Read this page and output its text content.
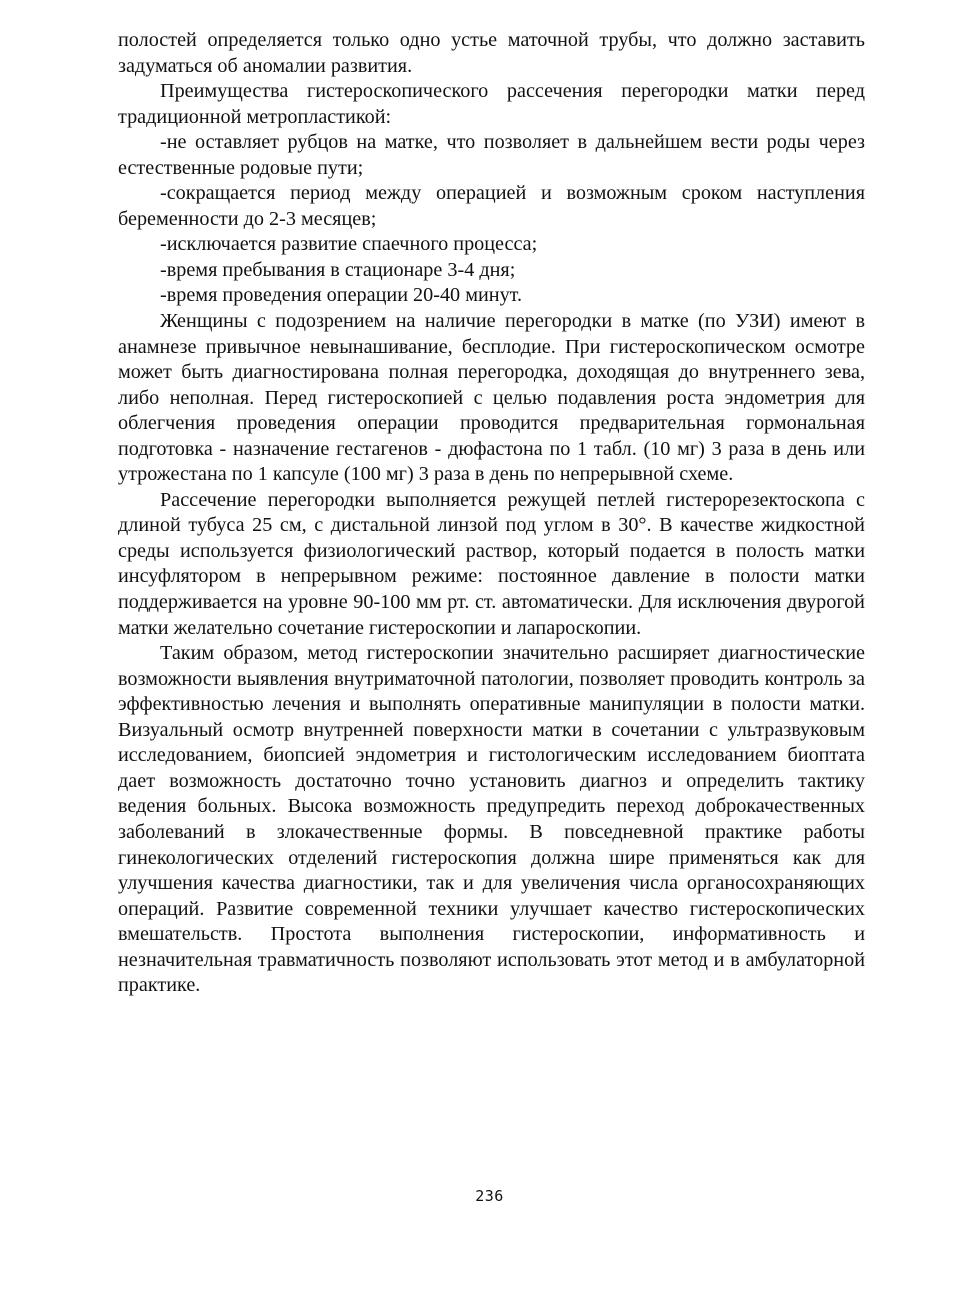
полостей определяется только одно устье маточной трубы, что должно заставить задуматься об аномалии развития.

Преимущества гистероскопического рассечения перегородки матки перед традиционной метропластикой:

-не оставляет рубцов на матке, что позволяет в дальнейшем вести роды через естественные родовые пути;

-сокращается период между операцией и возможным сроком наступления беременности до 2-3 месяцев;

-исключается развитие спаечного процесса;

-время пребывания в стационаре 3-4 дня;

-время проведения операции 20-40 минут.

Женщины с подозрением на наличие перегородки в матке (по УЗИ) имеют в анамнезе привычное невынашивание, бесплодие. При гистероскопическом осмотре может быть диагностирована полная перегородка, доходящая до внутреннего зева, либо неполная. Перед гистероскопией с целью подавления роста эндометрия для облегчения проведения операции проводится предварительная гормональная подготовка - назначение гестагенов - дюфастона по 1 табл. (10 мг) 3 раза в день или утрожестана по 1 капсуле (100 мг) 3 раза в день по непрерывной схеме.

Рассечение перегородки выполняется режущей петлей гистерорезектоскопа с длиной тубуса 25 см, с дистальной линзой под углом в 30°. В качестве жидкостной среды используется физиологический раствор, который подается в полость матки инсуфлятором в непрерывном режиме: постоянное давление в полости матки поддерживается на уровне 90-100 мм рт. ст. автоматически. Для исключения двурогой матки желательно сочетание гистероскопии и лапароскопии.

Таким образом, метод гистероскопии значительно расширяет диагностические возможности выявления внутриматочной патологии, позволяет проводить контроль за эффективностью лечения и выполнять оперативные манипуляции в полости матки. Визуальный осмотр внутренней поверхности матки в сочетании с ультразвуковым исследованием, биопсией эндометрия и гистологическим исследованием биоптата дает возможность достаточно точно установить диагноз и определить тактику ведения больных. Высока возможность предупредить переход доброкачественных заболеваний в злокачественные формы. В повседневной практике работы гинекологических отделений гистероскопия должна шире применяться как для улучшения качества диагностики, так и для увеличения числа органосохраняющих операций. Развитие современной техники улучшает качество гистероскопических вмешательств. Простота выполнения гистероскопии, информативность и незначительная травматичность позволяют использовать этот метод и в амбулаторной практике.

236
